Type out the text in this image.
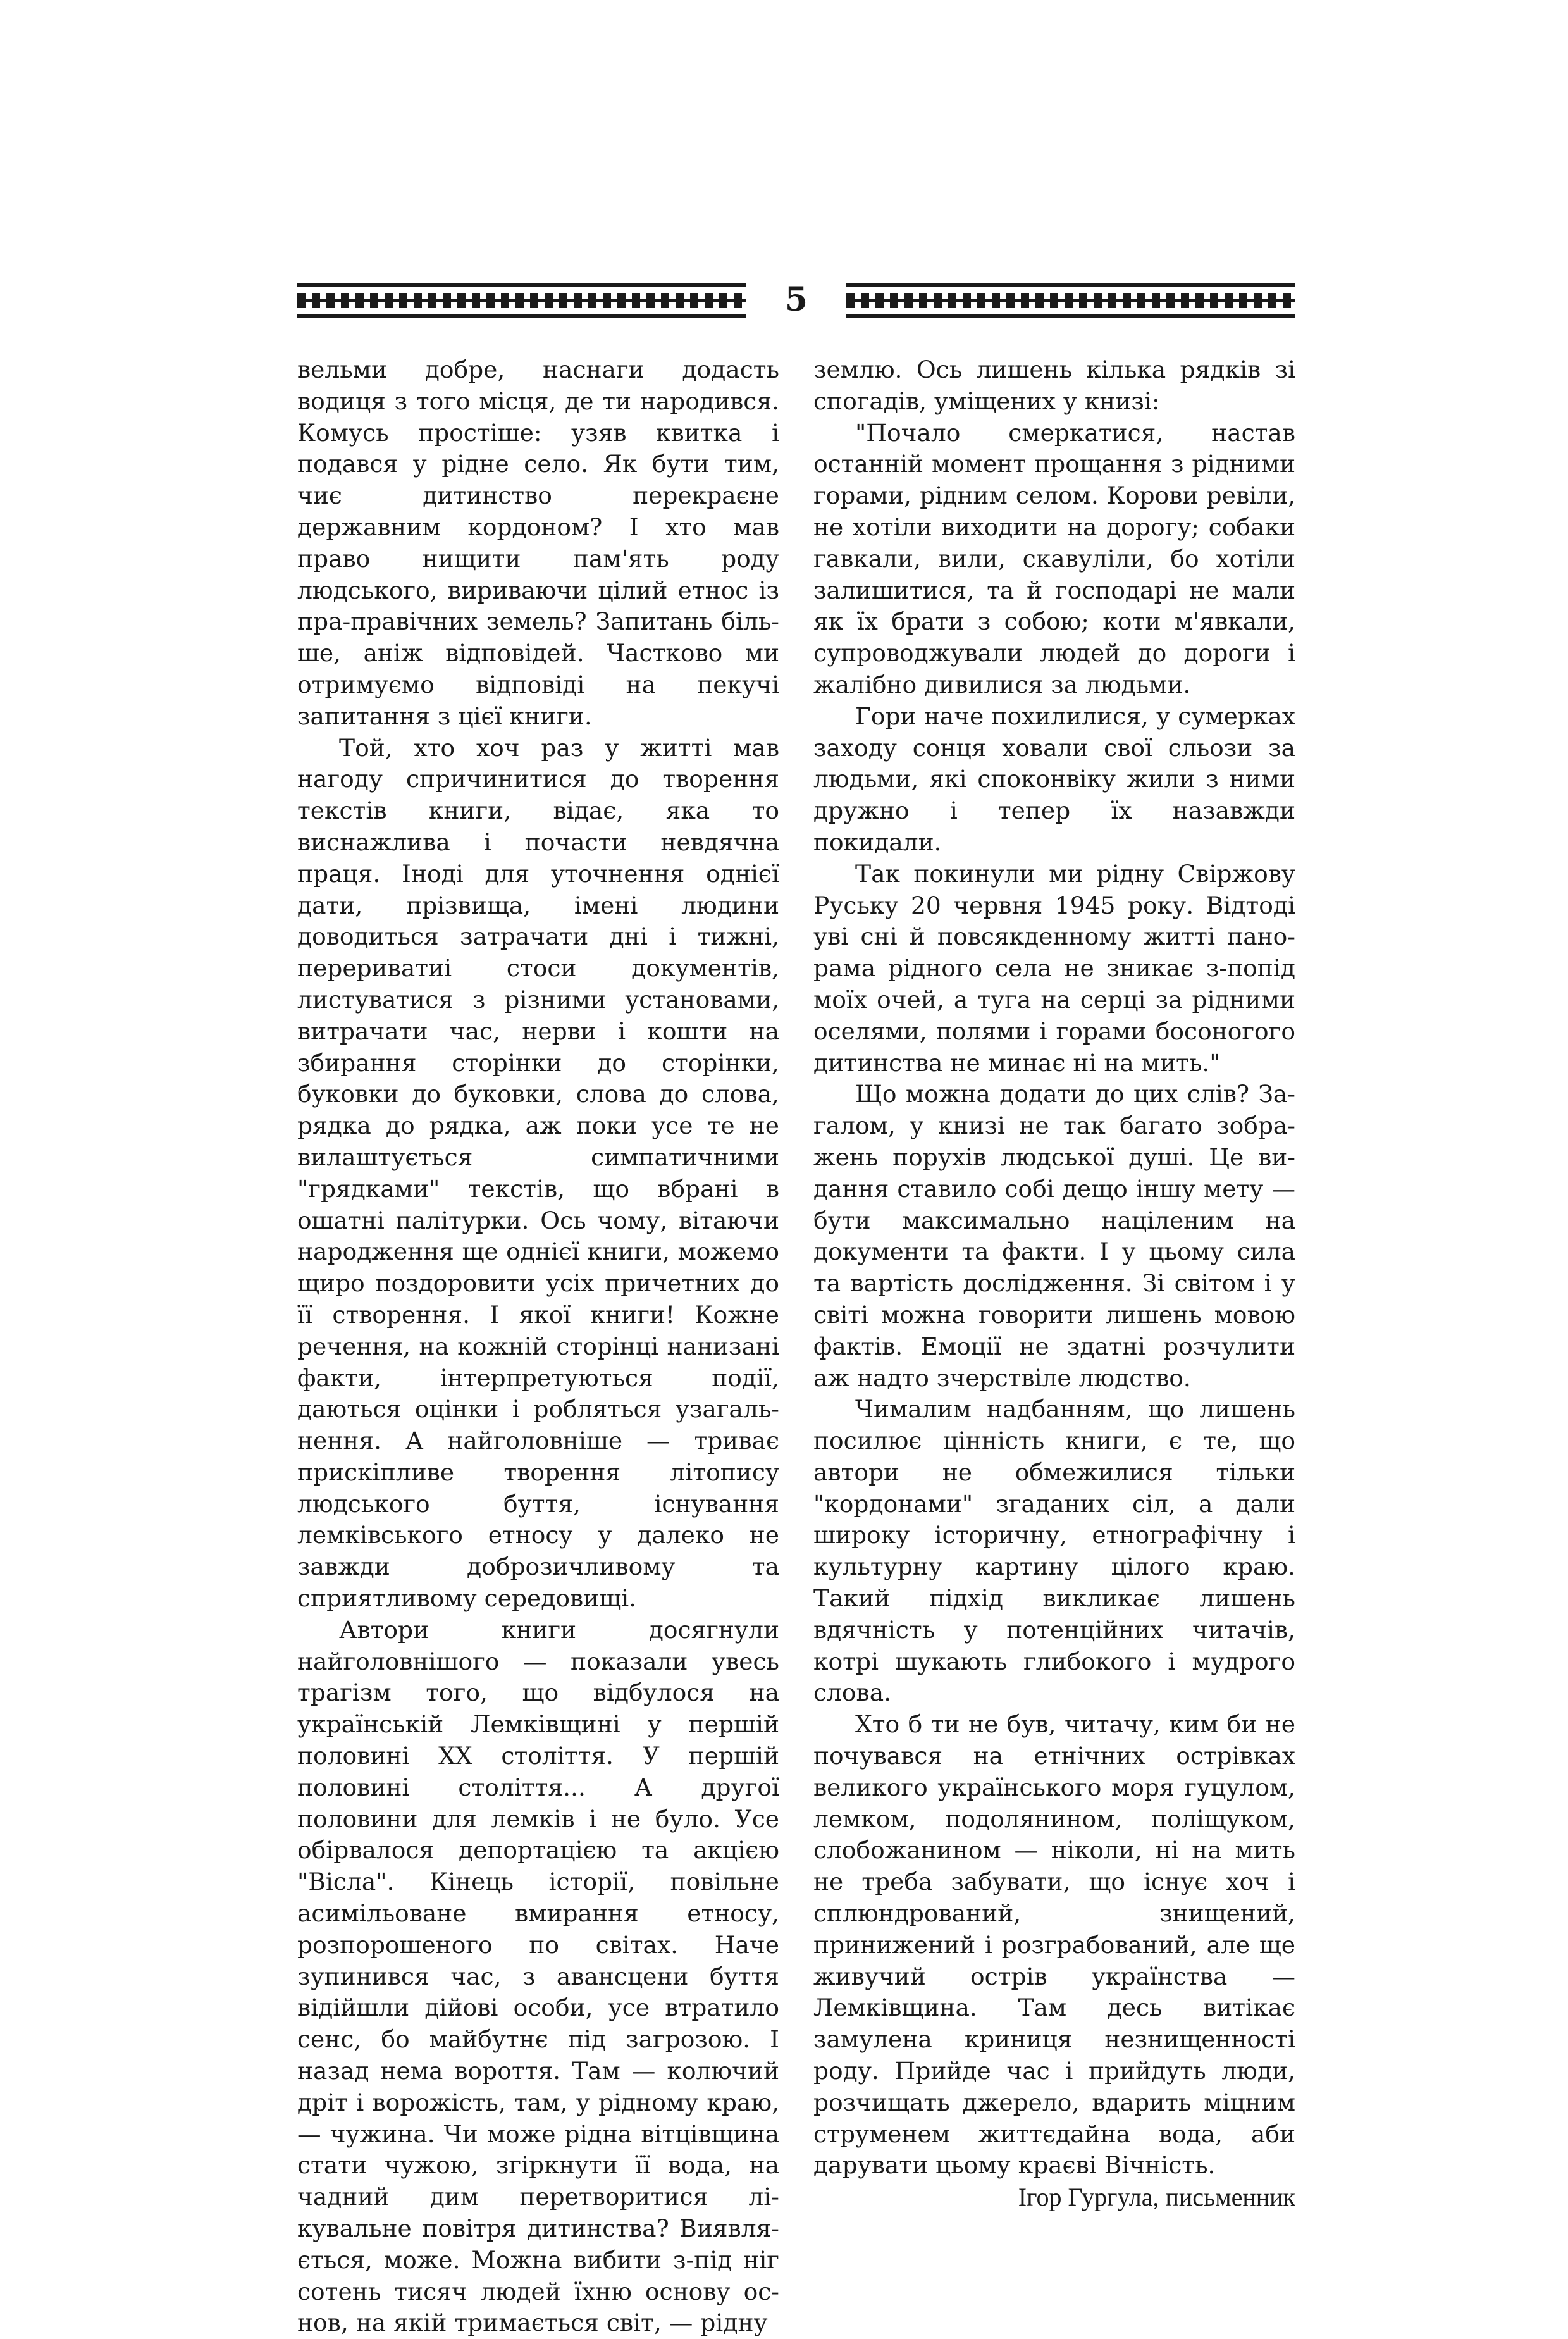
5

вельми добре, наснаги додасть водиця з того місця, де ти народився. Комусь простіше: узяв квитка і подався у рідне село. Як бути тим, чиє дитинство перекраєне державним кордоном? І хто мав право нищити пам'ять роду людського, вириваючи цілий етнос із пра-правічних земель? Запитань більше, аніж відповідей. Частково ми отримуємо відповіді на пекучі запитання з цієї книги.

Той, хто хоч раз у житті мав нагоду спричинитися до творення текстів книги, відає, яка то виснажлива і почасти невдячна праця. Іноді для уточнення однієї дати, прізвища, імені людини доводиться затрачати дні і тижні, перериватиі стоси документів, листуватися з різними установами, витрачати час, нерви і кошти на збирання сторінки до сторінки, буковки до буковки, слова до слова, рядка до рядка, аж поки усе те не вилаштується симпатичними "грядками" текстів, що вбрані в ошатні палітурки. Ось чому, вітаючи народження ще однієї книги, можемо щиро поздоровити усіх причетних до її створення. І якої книги! Кожне речення, на кожній сторінці нанизані факти, інтерпретуються події, даються оцінки і робляться узагальнення. А найголовніше — триває прискіпливе творення літопису людського буття, існування лемківського етносу у далеко не завжди доброзичливому та сприятливому середовищі.

Автори книги досягнули найголовнішого — показали увесь трагізм того, що відбулося на українській Лемківщині у першій половині XX століття. У першій половині століття... А другої половини для лемків і не було. Усе обірвалося депортацією та акцією "Вісла". Кінець історії, повільне асимільоване вмирання етносу, розпорошеного по світах. Наче зупинився час, з авансцени буття відійшли дійові особи, усе втратило сенс, бо майбутнє під загрозою. І назад нема вороття. Там — колючий дріт і ворожість, там, у рідному краю, — чужина. Чи може рідна вітцівщина стати чужою, згіркнути її вода, на чадний дим перетворитися лікувальне повітря дитинства? Виявляється, може. Можна вибити з-під ніг сотень тисяч людей їхню основу основ, на якій тримається світ, — рідну

землю. Ось лишень кілька рядків зі спогадів, уміщених у книзі:

"Почало смеркатися, настав останній момент прощання з рідними горами, рідним селом. Корови ревіли, не хотіли виходити на дорогу; собаки гавкали, вили, скавуліли, бо хотіли залишитися, та й господарі не мали як їх брати з собою; коти м'явкали, супроводжували людей до дороги і жалібно дивилися за людьми.

Гори наче похилилися, у сумерках заходу сонця ховали свої сльози за людьми, які споконвіку жили з ними дружно і тепер їх назавжди покидали.

Так покинули ми рідну Свіржову Руську 20 червня 1945 року. Відтоді уві сні й повсякденному житті панорама рідного села не зникає з-попід моїх очей, а туга на серці за рідними оселями, полями і горами босоногого дитинства не минає ні на мить."

Що можна додати до цих слів? Загалом, у книзі не так багато зображень порухів людської душі. Це видання ставило собі дещо іншу мету — бути максимально націленим на документи та факти. І у цьому сила та вартість дослідження. Зі світом і у світі можна говорити лишень мовою фактів. Емоції не здатні розчулити аж надто зчерствіле людство.

Чималим надбанням, що лишень посилює цінність книги, є те, що автори не обмежилися тільки "кордонами" згаданих сіл, а дали широку історичну, етнографічну і культурну картину цілого краю. Такий підхід викликає лишень вдячність у потенційних читачів, котрі шукають глибокого і мудрого слова.

Хто б ти не був, читачу, ким би не почувався на етнічних острівках великого українського моря гуцулом, лемком, подолянином, поліщуком, слобожанином — ніколи, ні на мить не треба забувати, що існує хоч і сплюндрований, знищений, принижений і розграбований, але ще живучий острів українства — Лемківщина. Там десь витікає замулена криниця незнищенності роду. Прийде час і прийдуть люди, розчищать джерело, вдарить міцним струменем життєдайна вода, аби дарувати цьому краєві Вічність.

Ігор Гургула, письменник
